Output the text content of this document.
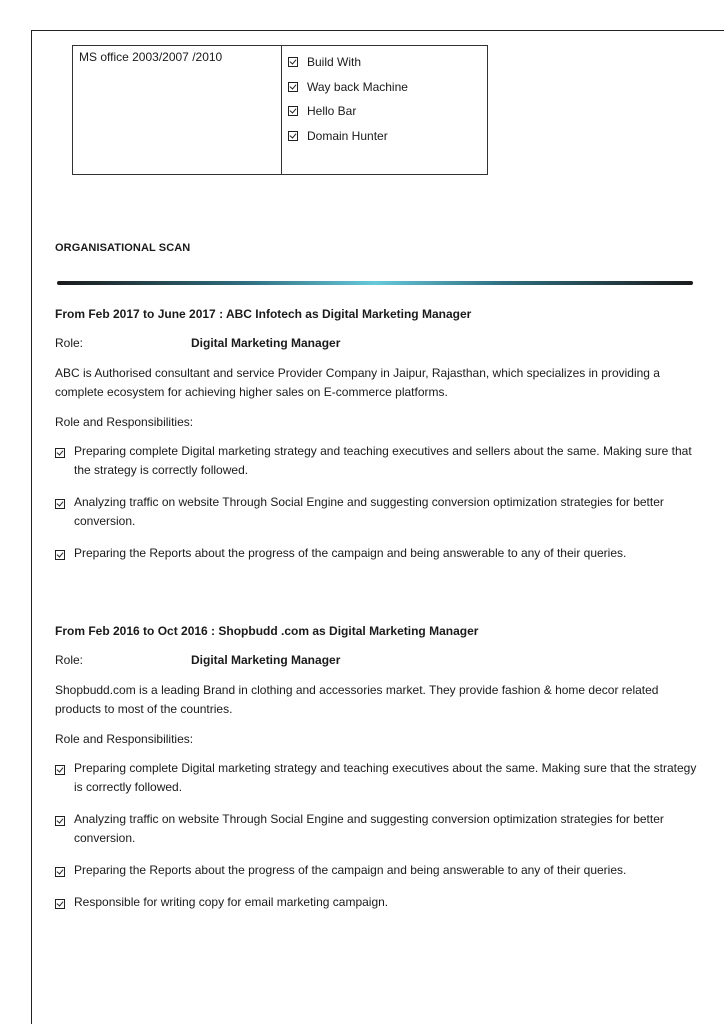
MS office 2003/2007 /2010	Build With
Way back Machine
Hello Bar
Domain Hunter
ORGANISATIONAL SCAN
From Feb 2017 to June 2017 : ABC Infotech as Digital Marketing Manager
Role:	Digital Marketing Manager
ABC is Authorised consultant and service Provider Company in Jaipur, Rajasthan, which specializes in providing a complete ecosystem for achieving higher sales on E-commerce platforms.
Role and Responsibilities:
Preparing complete Digital marketing strategy and teaching executives and sellers about the same. Making sure that the strategy is correctly followed.
Analyzing traffic on website Through Social Engine and suggesting conversion optimization strategies for better conversion.
Preparing the Reports about the progress of the campaign and being answerable to any of their queries.
From Feb 2016 to Oct 2016 : Shopbudd .com as Digital Marketing Manager
Role:	Digital Marketing Manager
Shopbudd.com is a leading Brand in clothing and accessories market. They provide fashion & home decor related products to most of the countries.
Role and Responsibilities:
Preparing complete Digital marketing strategy and teaching executives about the same. Making sure that the strategy is correctly followed.
Analyzing traffic on website Through Social Engine and suggesting conversion optimization strategies for better conversion.
Preparing the Reports about the progress of the campaign and being answerable to any of their queries.
Responsible for writing copy for email marketing campaign.
